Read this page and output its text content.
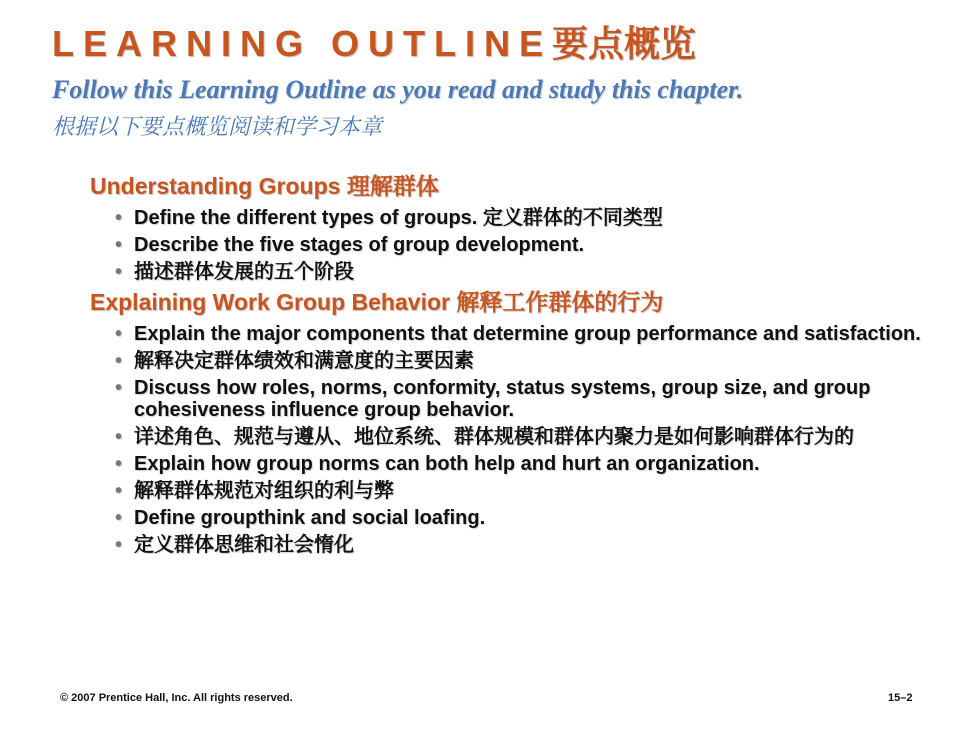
LEARNING OUTLINE要点概览
Follow this Learning Outline as you read and study this chapter.
根据以下要点概览阅读和学习本章
Understanding Groups 理解群体
• Define the different types of groups. 定义群体的不同类型
• Describe the five stages of group development.
• 描述群体发展的五个阶段
Explaining Work Group Behavior 解释工作群体的行为
• Explain the major components that determine group performance and satisfaction.
• 解释决定群体绩效和满意度的主要因素
• Discuss how roles, norms, conformity, status systems, group size, and group cohesiveness influence group behavior.
• 详述角色、规范与遵从、地位系统、群体规模和群体内聚力是如何影响群体行为的
• Explain how group norms can both help and hurt an organization.
• 解释群体规范对组织的利与弊
• Define groupthink and social loafing.
• 定义群体思维和社会惰化
© 2007 Prentice Hall, Inc. All rights reserved.	15–2
